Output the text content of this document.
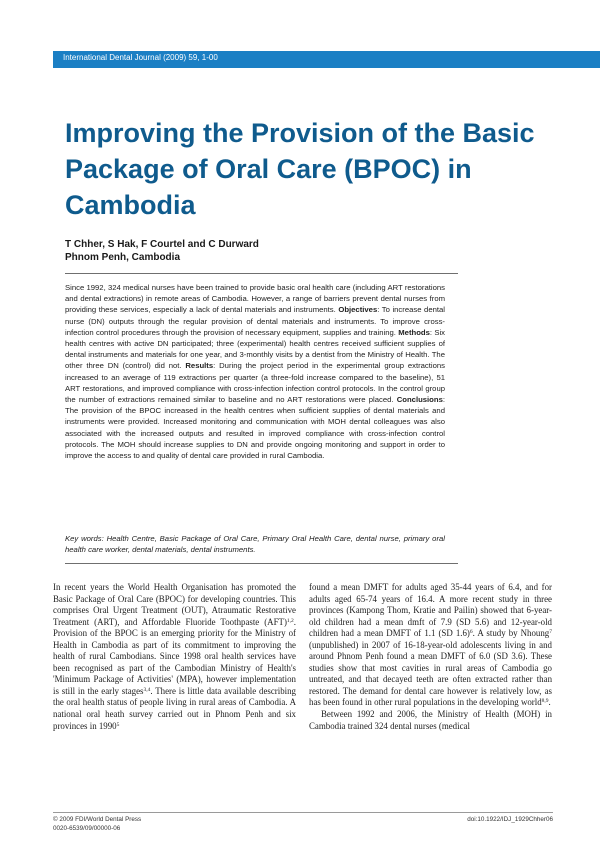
International Dental Journal (2009) 59, 1-00
Improving the Provision of the Basic Package of Oral Care (BPOC) in Cambodia
T Chher, S Hak, F Courtel and C Durward
Phnom Penh, Cambodia

Since 1992, 324 medical nurses have been trained to provide basic oral health care (including ART restorations and dental extractions) in remote areas of Cambodia. However, a range of barriers prevent dental nurses from providing these services, especially a lack of dental materials and instruments. Objectives: To increase dental nurse (DN) outputs through the regular provision of dental materials and instruments. To improve cross-infection control procedures through the provision of necessary equipment, supplies and training. Methods: Six health centres with active DN participated; three (experimental) health centres received sufficient supplies of dental instruments and materials for one year, and 3-monthly visits by a dentist from the Ministry of Health. The other three DN (control) did not. Results: During the project period in the experimental group extractions increased to an average of 119 extractions per quarter (a three-fold increase compared to the baseline), 51 ART restorations, and improved compliance with cross-infection infection control protocols. In the control group the number of extractions remained similar to baseline and no ART restorations were placed. Conclusions: The provision of the BPOC increased in the health centres when sufficient supplies of dental materials and instruments were provided. Increased monitoring and communication with MOH dental colleagues was also associated with the increased outputs and resulted in improved compliance with cross-infection control protocols. The MOH should increase supplies to DN and provide ongoing monitoring and support in order to improve the access to and quality of dental care provided in rural Cambodia.

Key words: Health Centre, Basic Package of Oral Care, Primary Oral Health Care, dental nurse, primary oral health care worker, dental materials, dental instruments.

In recent years the World Health Organisation has promoted the Basic Package of Oral Care (BPOC) for developing countries. This comprises Oral Urgent Treatment (OUT), Atraumatic Restorative Treatment (ART), and Affordable Fluoride Toothpaste (AFT)$^{1,2}$. Provision of the BPOC is an emerging priority for the Ministry of Health in Cambodia as part of its commitment to improving the health of rural Cambodians. Since 1998 oral health services have been recognised as part of the Cambodian Ministry of Health's 'Minimum Package of Activities' (MPA), however implementation is still in the early stages$^{3,4}$. There is little data available describing the oral health status of people living in rural areas of Cambodia. A national oral heath survey carried out in Phnom Penh and six provinces in 1990$^5$

found a mean DMFT for adults aged 35-44 years of 6.4, and for adults aged 65-74 years of 16.4. A more recent study in three provinces (Kampong Thom, Kratie and Pailin) showed that 6-year-old children had a mean dmft of 7.9 (SD 5.6) and 12-year-old children had a mean DMFT of 1.1 (SD 1.6)$^6$. A study by Nhoung$^7$ (unpublished) in 2007 of 16-18-year-old adolescents living in and around Phnom Penh found a mean DMFT of 6.0 (SD 3.6). These studies show that most cavities in rural areas of Cambodia go untreated, and that decayed teeth are often extracted rather than restored. The demand for dental care however is relatively low, as has been found in other rural populations in the developing world$^{8,9}$.

Between 1992 and 2006, the Ministry of Health (MOH) in Cambodia trained 324 dental nurses (medical

© 2009 FDI/World Dental Press
0020-6539/09/00000-06
doi:10.1922/IDJ_1929Chher06
